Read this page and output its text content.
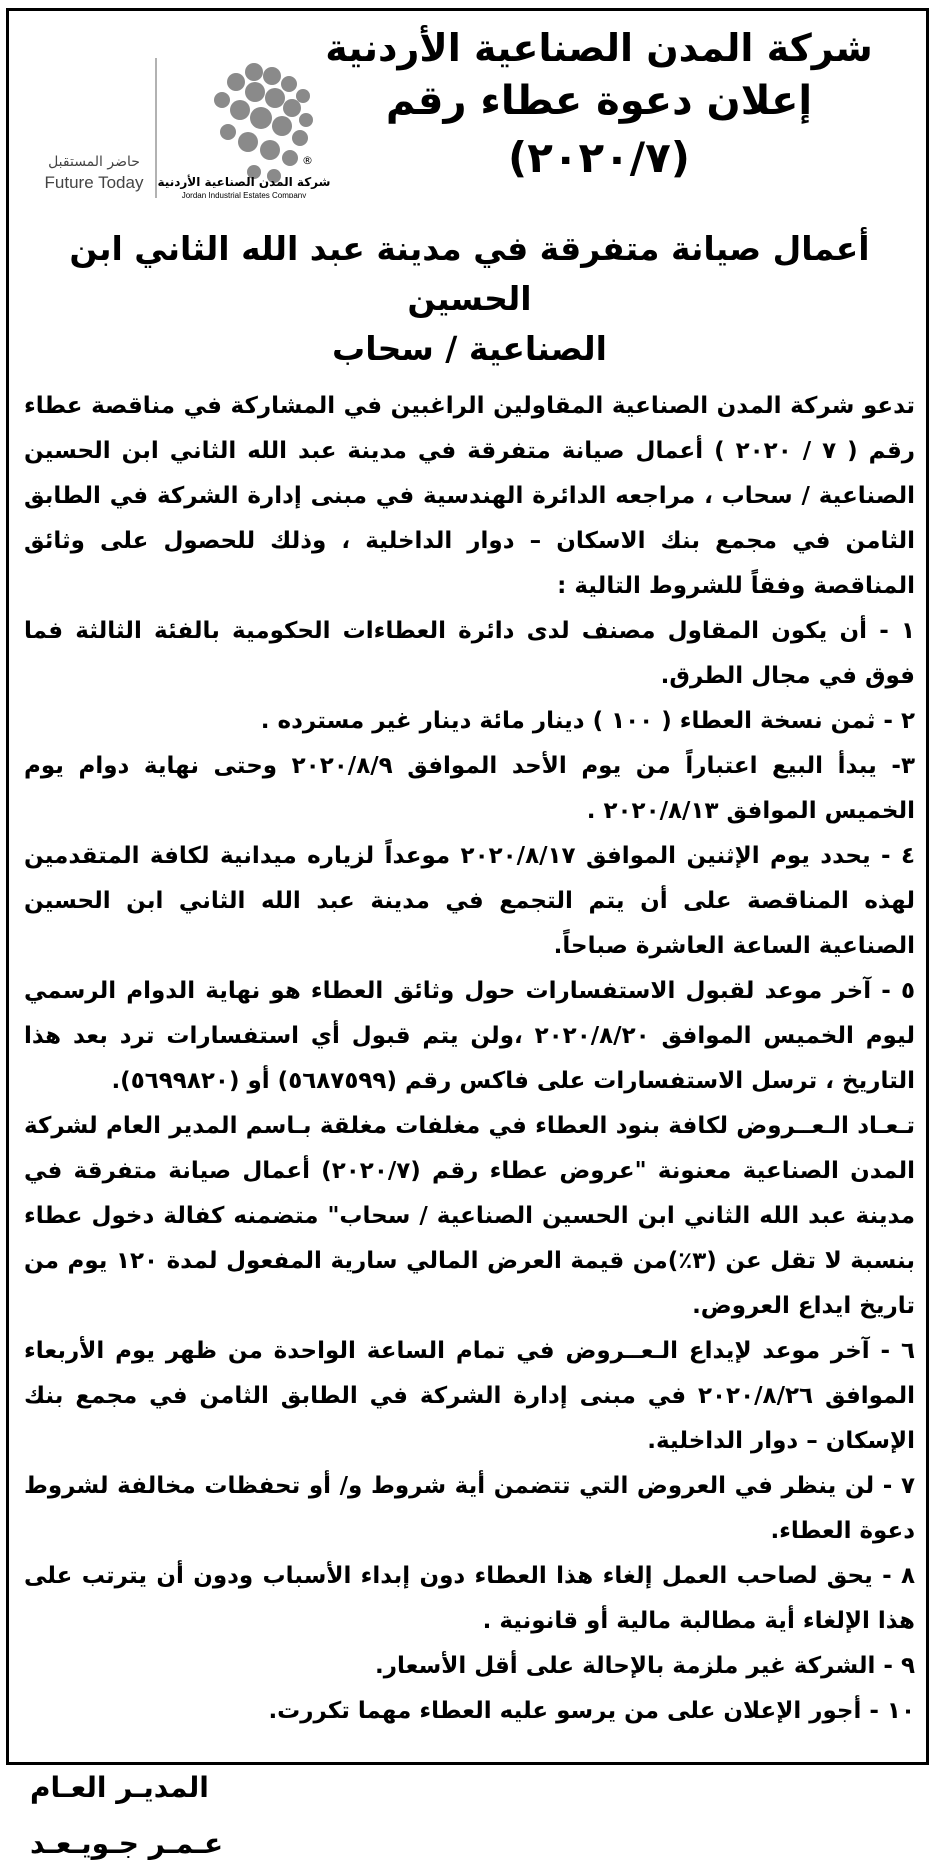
شركة المدن الصناعية الأردنية
إعلان دعوة عطاء رقم
(٢٠٢٠/٧)
®
شركة المدن الصناعية الأردنية
Jordan Industrial Estates Company
حاضر المستقبل
Future Today
أعمال صيانة متفرقة في مدينة عبد الله الثاني ابن الحسين
الصناعية / سحاب

تدعو شركة المدن الصناعية المقاولين الراغبين في المشاركة في مناقصة عطاء رقم ( ٧ / ٢٠٢٠ ) أعمال صيانة متفرقة في مدينة عبد الله الثاني ابن الحسين الصناعية / سحاب ، مراجعه الدائرة الهندسية في مبنى إدارة الشركة في الطابق الثامن في مجمع بنك الاسكان – دوار الداخلية ، وذلك للحصول على وثائق المناقصة وفقاً للشروط التالية :

١ - أن يكون المقاول مصنف لدى دائرة العطاءات الحكومية بالفئة الثالثة فما فوق في مجال الطرق.

٢ - ثمن نسخة العطاء ( ١٠٠ ) دينار مائة دينار غير مسترده .

٣- يبدأ البيع اعتباراً من يوم الأحد الموافق ٢٠٢٠/٨/٩ وحتى نهاية دوام يوم الخميس الموافق ٢٠٢٠/٨/١٣ .

٤ - يحدد يوم الإثنين الموافق ٢٠٢٠/٨/١٧ موعداً لزياره ميدانية لكافة المتقدمين لهذه المناقصة على أن يتم التجمع في مدينة عبد الله الثاني ابن الحسين الصناعية الساعة العاشرة صباحاً.

٥ - آخر موعد لقبول الاستفسارات حول وثائق العطاء هو نهاية الدوام الرسمي ليوم الخميس الموافق ٢٠٢٠/٨/٢٠ ،ولن يتم قبول أي استفسارات ترد بعد هذا التاريخ ، ترسل الاستفسارات على فاكس رقم (٥٦٨٧٥٩٩) أو (٥٦٩٩٨٢٠).

تـعـاد الـعــروض لكافة بنود العطاء في مغلفات مغلقة بـاسم المدير العام لشركة المدن الصناعية معنونة "عروض عطاء رقم (٢٠٢٠/٧) أعمال صيانة متفرقة في مدينة عبد الله الثاني ابن الحسين الصناعية / سحاب" متضمنه كفالة دخول عطاء بنسبة لا تقل عن (٣٪)من قيمة العرض المالي سارية المفعول لمدة ١٢٠ يوم من تاريخ ايداع العروض.

٦ - آخر موعد لإيداع الـعــروض في تمام الساعة الواحدة من ظهر يوم الأربعاء الموافق ٢٠٢٠/٨/٢٦ في مبنى إدارة الشركة في الطابق الثامن في مجمع بنك الإسكان – دوار الداخلية.

٧ - لن ينظر في العروض التي تتضمن أية شروط و/ أو تحفظات مخالفة لشروط دعوة العطاء.

٨ - يحق لصاحب العمل إلغاء هذا العطاء دون إبداء الأسباب ودون أن يترتب على هذا الإلغاء أية مطالبة مالية أو قانونية .

٩ - الشركة غير ملزمة بالإحالة على أقل الأسعار.

١٠ - أجور الإعلان على من يرسو عليه العطاء مهما تكررت.

المديـر العـام
عـمـر جـويـعـد
